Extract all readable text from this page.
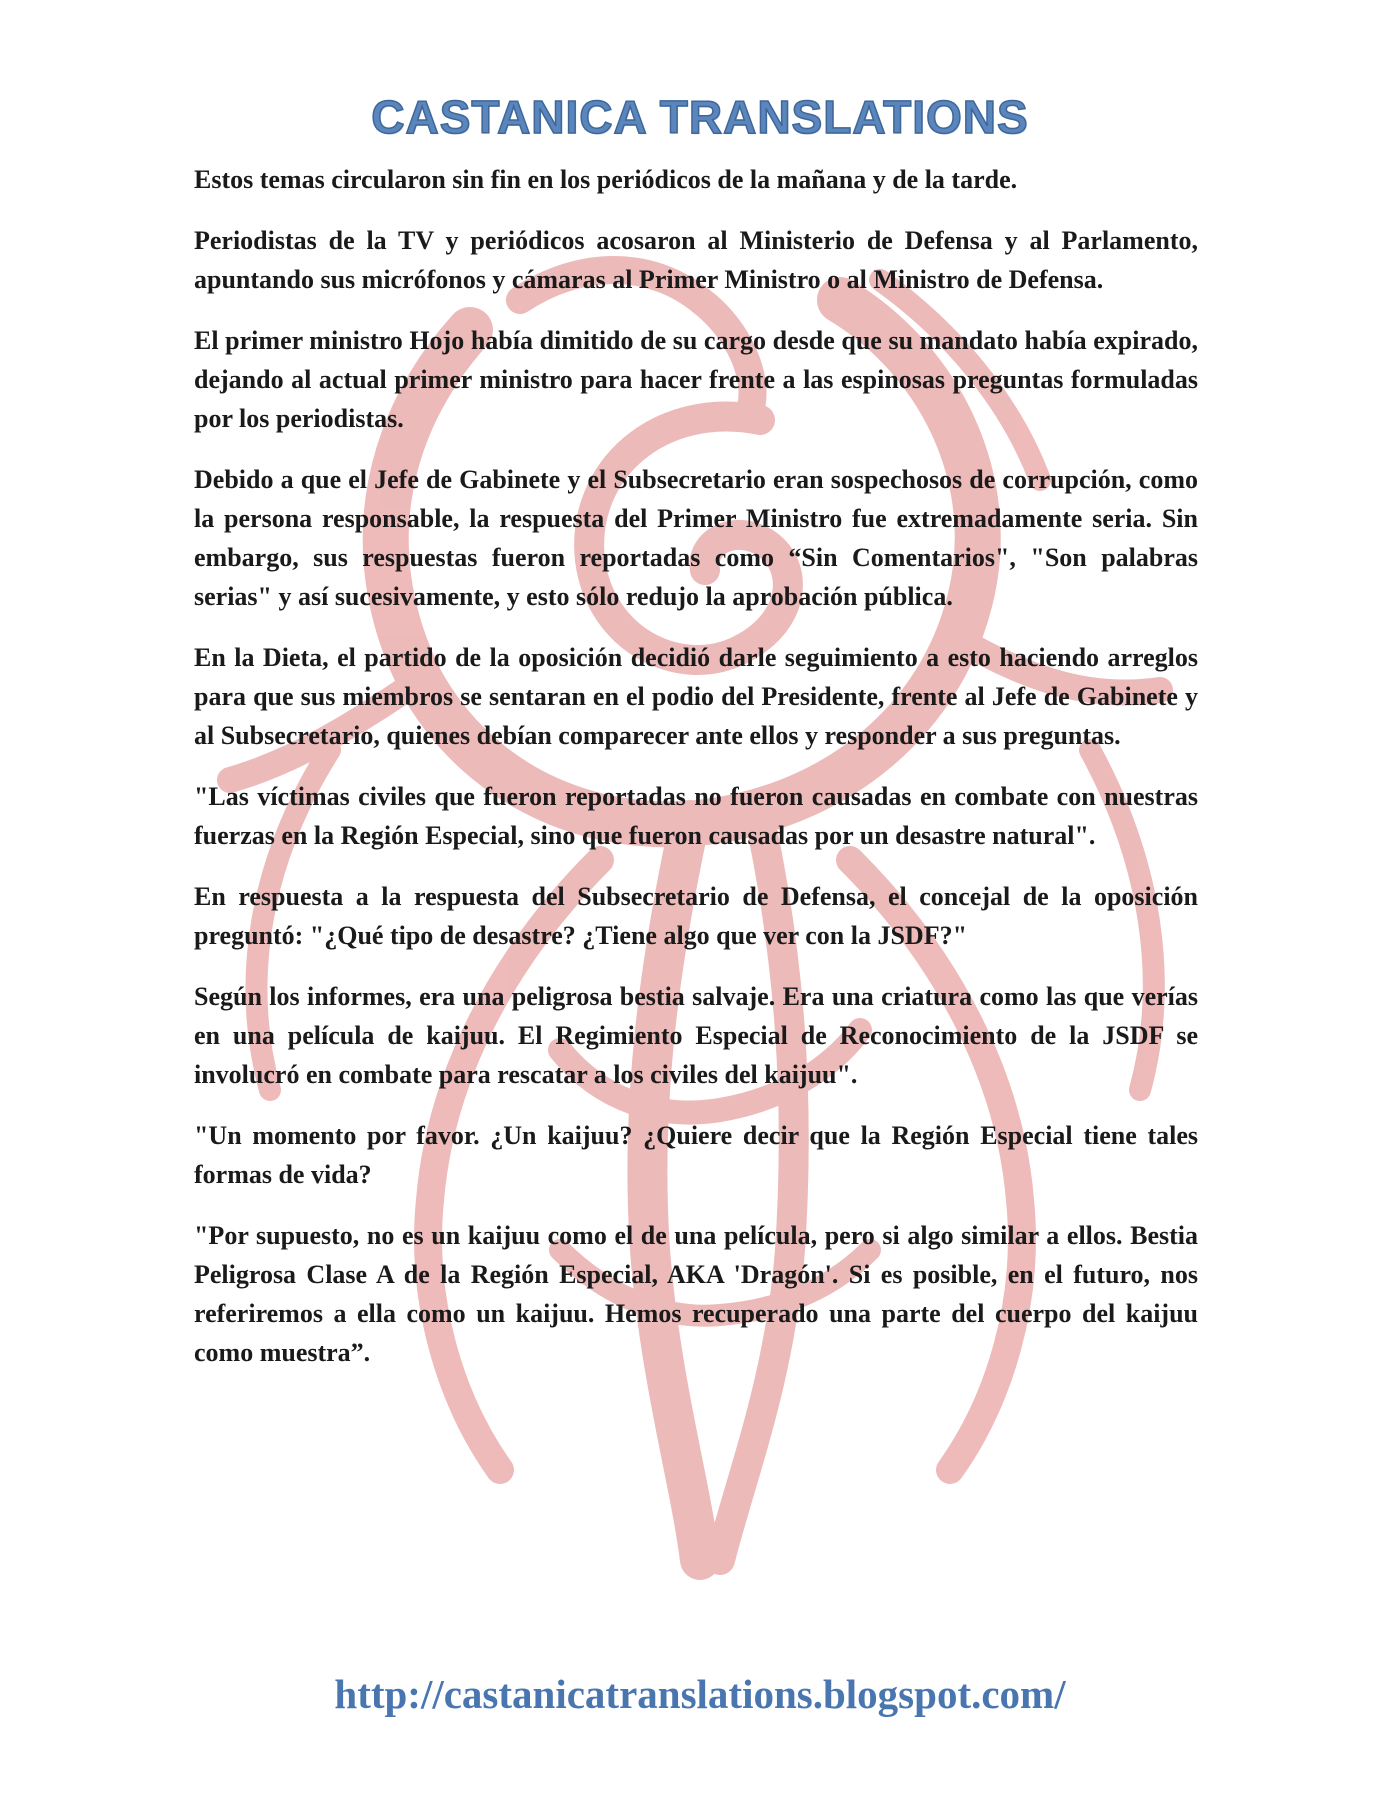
CASTANICA TRANSLATIONS

Estos temas circularon sin fin en los periódicos de la mañana y de la tarde.

Periodistas de la TV y periódicos acosaron al Ministerio de Defensa y al Parlamento, apuntando sus micrófonos y cámaras al Primer Ministro o al Ministro de Defensa.

El primer ministro Hojo había dimitido de su cargo desde que su mandato había expirado, dejando al actual primer ministro para hacer frente a las espinosas preguntas formuladas por los periodistas.

Debido a que el Jefe de Gabinete y el Subsecretario eran sospechosos de corrupción, como la persona responsable, la respuesta del Primer Ministro fue extremadamente seria. Sin embargo, sus respuestas fueron reportadas como “Sin Comentarios", "Son palabras serias" y así sucesivamente, y esto sólo redujo la aprobación pública.

En la Dieta, el partido de la oposición decidió darle seguimiento a esto haciendo arreglos para que sus miembros se sentaran en el podio del Presidente, frente al Jefe de Gabinete y al Subsecretario, quienes debían comparecer ante ellos y responder a sus preguntas.

"Las víctimas civiles que fueron reportadas no fueron causadas en combate con nuestras fuerzas en la Región Especial, sino que fueron causadas por un desastre natural".

En respuesta a la respuesta del Subsecretario de Defensa, el concejal de la oposición preguntó: "¿Qué tipo de desastre? ¿Tiene algo que ver con la JSDF?"

Según los informes, era una peligrosa bestia salvaje. Era una criatura como las que verías en una película de kaijuu. El Regimiento Especial de Reconocimiento de la JSDF se involucró en combate para rescatar a los civiles del kaijuu".

"Un momento por favor. ¿Un kaijuu? ¿Quiere decir que la Región Especial tiene tales formas de vida?

"Por supuesto, no es un kaijuu como el de una película, pero si algo similar a ellos. Bestia Peligrosa Clase A de la Región Especial, AKA 'Dragón'. Si es posible, en el futuro, nos referiremos a ella como un kaijuu. Hemos recuperado una parte del cuerpo del kaijuu como muestra”.

http://castanicatranslations.blogspot.com/
